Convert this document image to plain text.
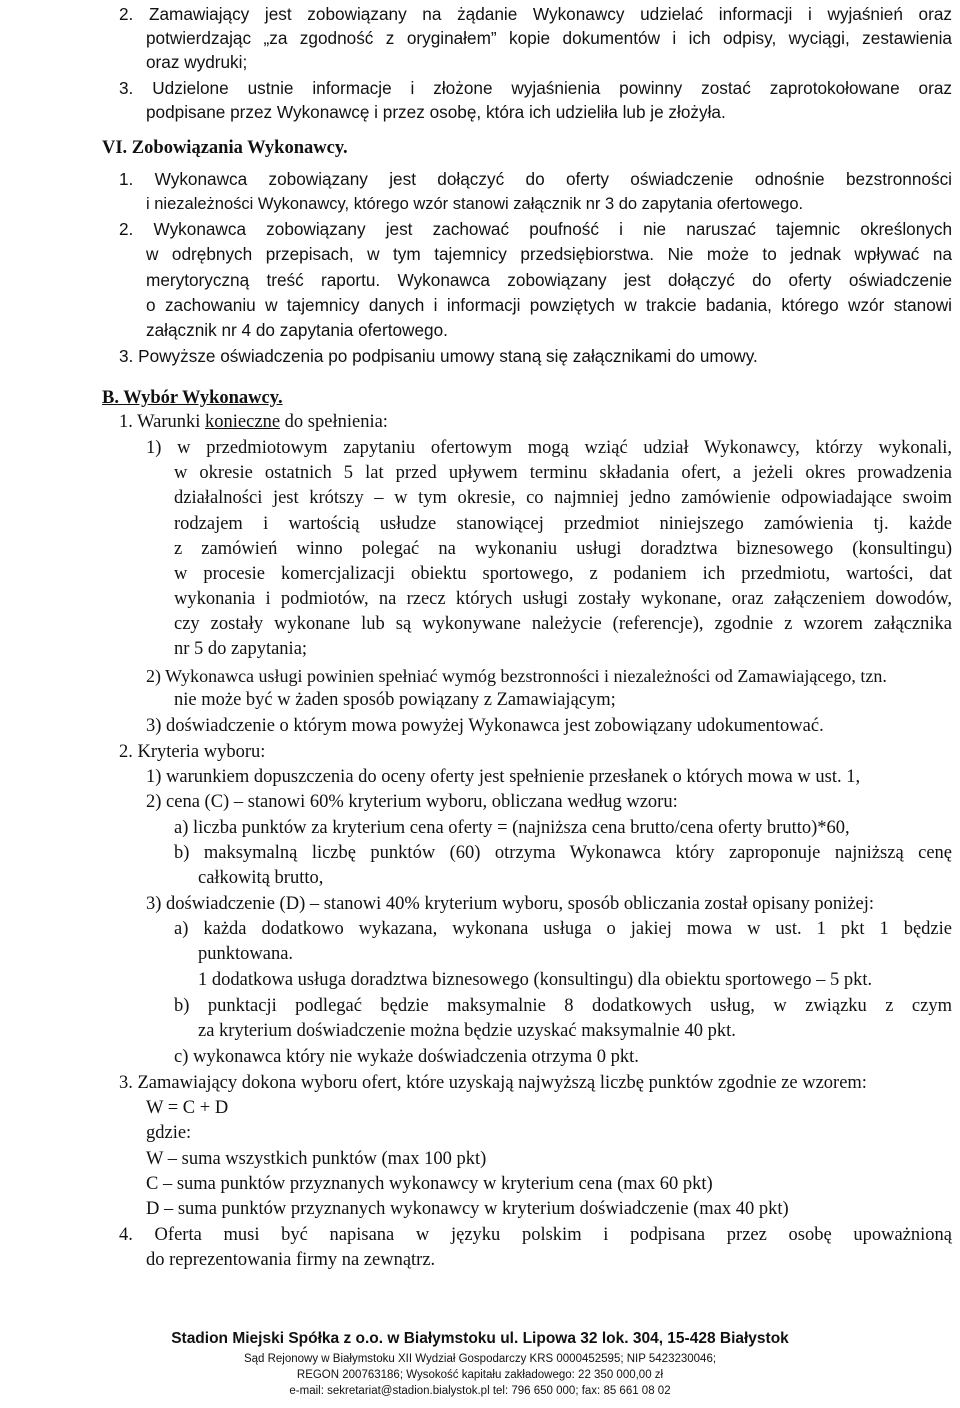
2. Zamawiający jest zobowiązany na żądanie Wykonawcy udzielać informacji i wyjaśnień oraz
potwierdzając „za zgodność z oryginałem” kopie dokumentów i ich odpisy, wyciągi, zestawienia
oraz wydruki;
3. Udzielone ustnie informacje i złożone wyjaśnienia powinny zostać zaprotokołowane oraz
podpisane przez Wykonawcę i przez osobę, która ich udzieliła lub je złożyła.
VI. Zobowiązania Wykonawcy.
1. Wykonawca zobowiązany jest dołączyć do oferty oświadczenie odnośnie bezstronności
i niezależności Wykonawcy, którego wzór stanowi załącznik nr 3 do zapytania ofertowego.
2. Wykonawca zobowiązany jest zachować poufność i nie naruszać tajemnic określonych
w odrębnych przepisach, w tym tajemnicy przedsiębiorstwa. Nie może to jednak wpływać na
merytoryczną treść raportu. Wykonawca zobowiązany jest dołączyć do oferty oświadczenie
o zachowaniu w tajemnicy danych i informacji powziętych w trakcie badania, którego wzór stanowi
załącznik nr 4 do zapytania ofertowego.
3. Powyższe oświadczenia po podpisaniu umowy staną się załącznikami do umowy.
B. Wybór Wykonawcy.
1. Warunki konieczne do spełnienia:
1) w przedmiotowym zapytaniu ofertowym mogą wziąć udział Wykonawcy, którzy wykonali,
w okresie ostatnich 5 lat przed upływem terminu składania ofert, a jeżeli okres prowadzenia
działalności jest krótszy – w tym okresie, co najmniej jedno zamówienie odpowiadające swoim
rodzajem i wartością usłudze stanowiącej przedmiot niniejszego zamówienia tj. każde
z zamówień winno polegać na wykonaniu usługi doradztwa biznesowego (konsultingu)
w procesie komercjalizacji obiektu sportowego, z podaniem ich przedmiotu, wartości, dat
wykonania i podmiotów, na rzecz których usługi zostały wykonane, oraz załączeniem dowodów,
czy zostały wykonane lub są wykonywane należycie (referencje), zgodnie z wzorem załącznika
nr 5 do zapytania;
2) Wykonawca usługi powinien spełniać wymóg bezstronności i niezależności od Zamawiającego, tzn.
nie może być w żaden sposób powiązany z Zamawiającym;
3) doświadczenie o którym mowa powyżej Wykonawca jest zobowiązany udokumentować.
2. Kryteria wyboru:
1) warunkiem dopuszczenia do oceny oferty jest spełnienie przesłanek o których mowa w ust. 1,
2) cena (C) – stanowi 60% kryterium wyboru, obliczana według wzoru:
a) liczba punktów za kryterium cena oferty = (najniższa cena brutto/cena oferty brutto)*60,
b) maksymalną liczbę punktów (60) otrzyma Wykonawca który zaproponuje najniższą cenę
całkowitą brutto,
3) doświadczenie (D) – stanowi 40% kryterium wyboru, sposób obliczania został opisany poniżej:
a) każda dodatkowo wykazana, wykonana usługa o jakiej mowa w ust. 1 pkt 1 będzie
punktowana.
1 dodatkowa usługa doradztwa biznesowego (konsultingu) dla obiektu sportowego – 5 pkt.
b) punktacji podlegać będzie maksymalnie 8 dodatkowych usług, w związku z czym
za kryterium doświadczenie można będzie uzyskać maksymalnie 40 pkt.
c) wykonawca który nie wykaże doświadczenia otrzyma 0 pkt.
3. Zamawiający dokona wyboru ofert, które uzyskają najwyższą liczbę punktów zgodnie ze wzorem:
W = C + D
gdzie:
W – suma wszystkich punktów (max 100 pkt)
C – suma punktów przyznanych wykonawcy w kryterium cena (max 60 pkt)
D – suma punktów przyznanych wykonawcy w kryterium doświadczenie (max 40 pkt)
4. Oferta musi być napisana w języku polskim i podpisana przez osobę upoważnioną
do reprezentowania firmy na zewnątrz.
Stadion Miejski Spółka z o.o. w Białymstoku ul. Lipowa 32 lok. 304, 15-428 Białystok
Sąd Rejonowy w Białymstoku XII Wydział Gospodarczy KRS 0000452595; NIP 5423230046;
REGON 200763186; Wysokość kapitału zakładowego: 22 350 000,00 zł
e-mail: sekretariat@stadion.bialystok.pl tel: 796 650 000; fax: 85 661 08 02
